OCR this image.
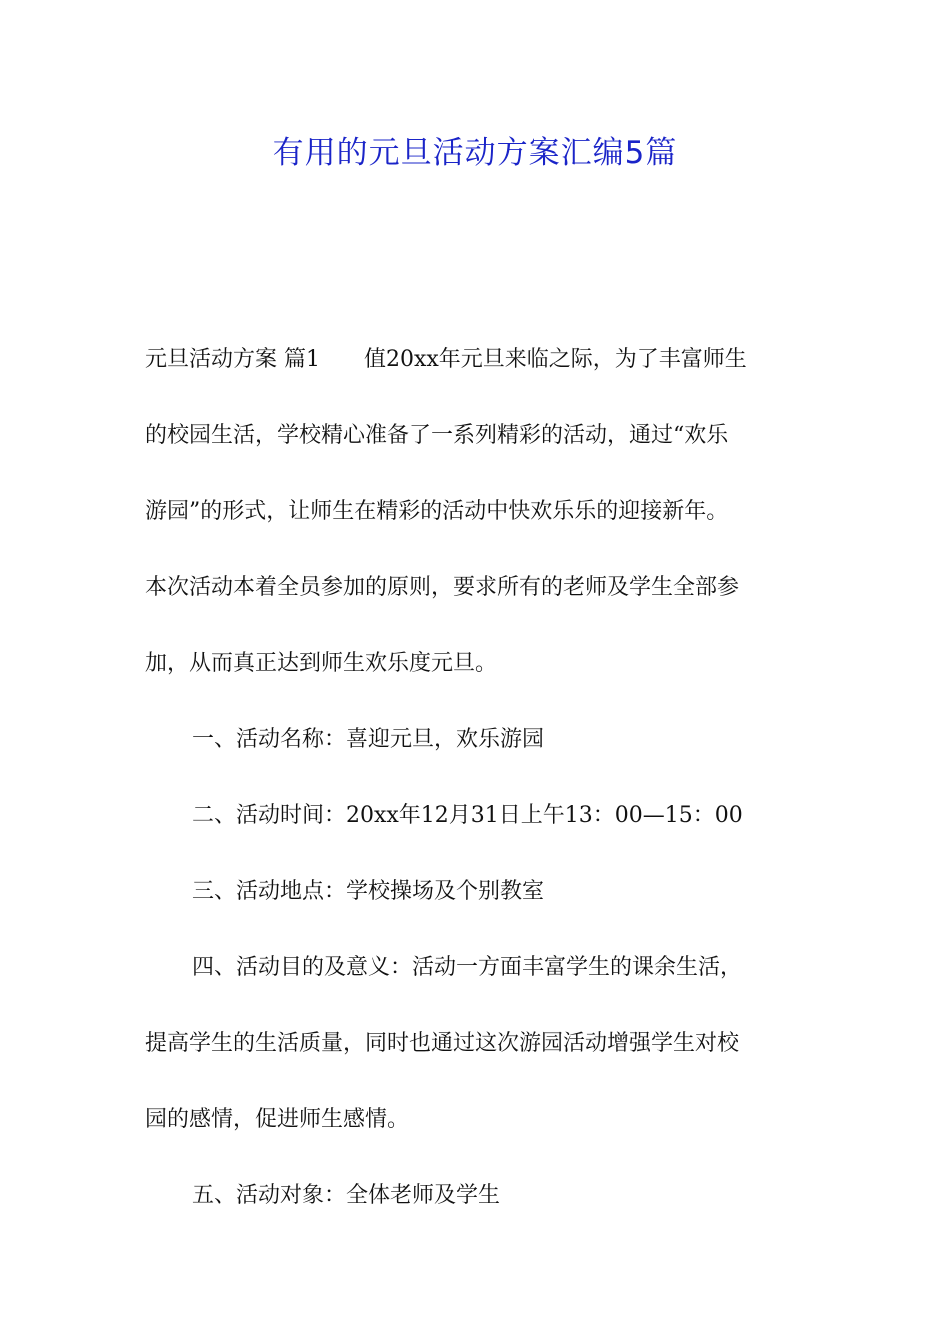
有用的元旦活动方案汇编5篇
元旦活动方案 篇1 值20xx年元旦来临之际，为了丰富师生
的校园生活，学校精心准备了一系列精彩的活动，通过“欢乐
游园”的形式，让师生在精彩的活动中快欢乐乐的迎接新年。
本次活动本着全员参加的原则，要求所有的老师及学生全部参
加，从而真正达到师生欢乐度元旦。
一、活动名称：喜迎元旦，欢乐游园
二、活动时间：20xx年12月31日上午13：00—15：00
三、活动地点：学校操场及个别教室
四、活动目的及意义：活动一方面丰富学生的课余生活，
提高学生的生活质量，同时也通过这次游园活动增强学生对校
园的感情，促进师生感情。
五、活动对象：全体老师及学生
